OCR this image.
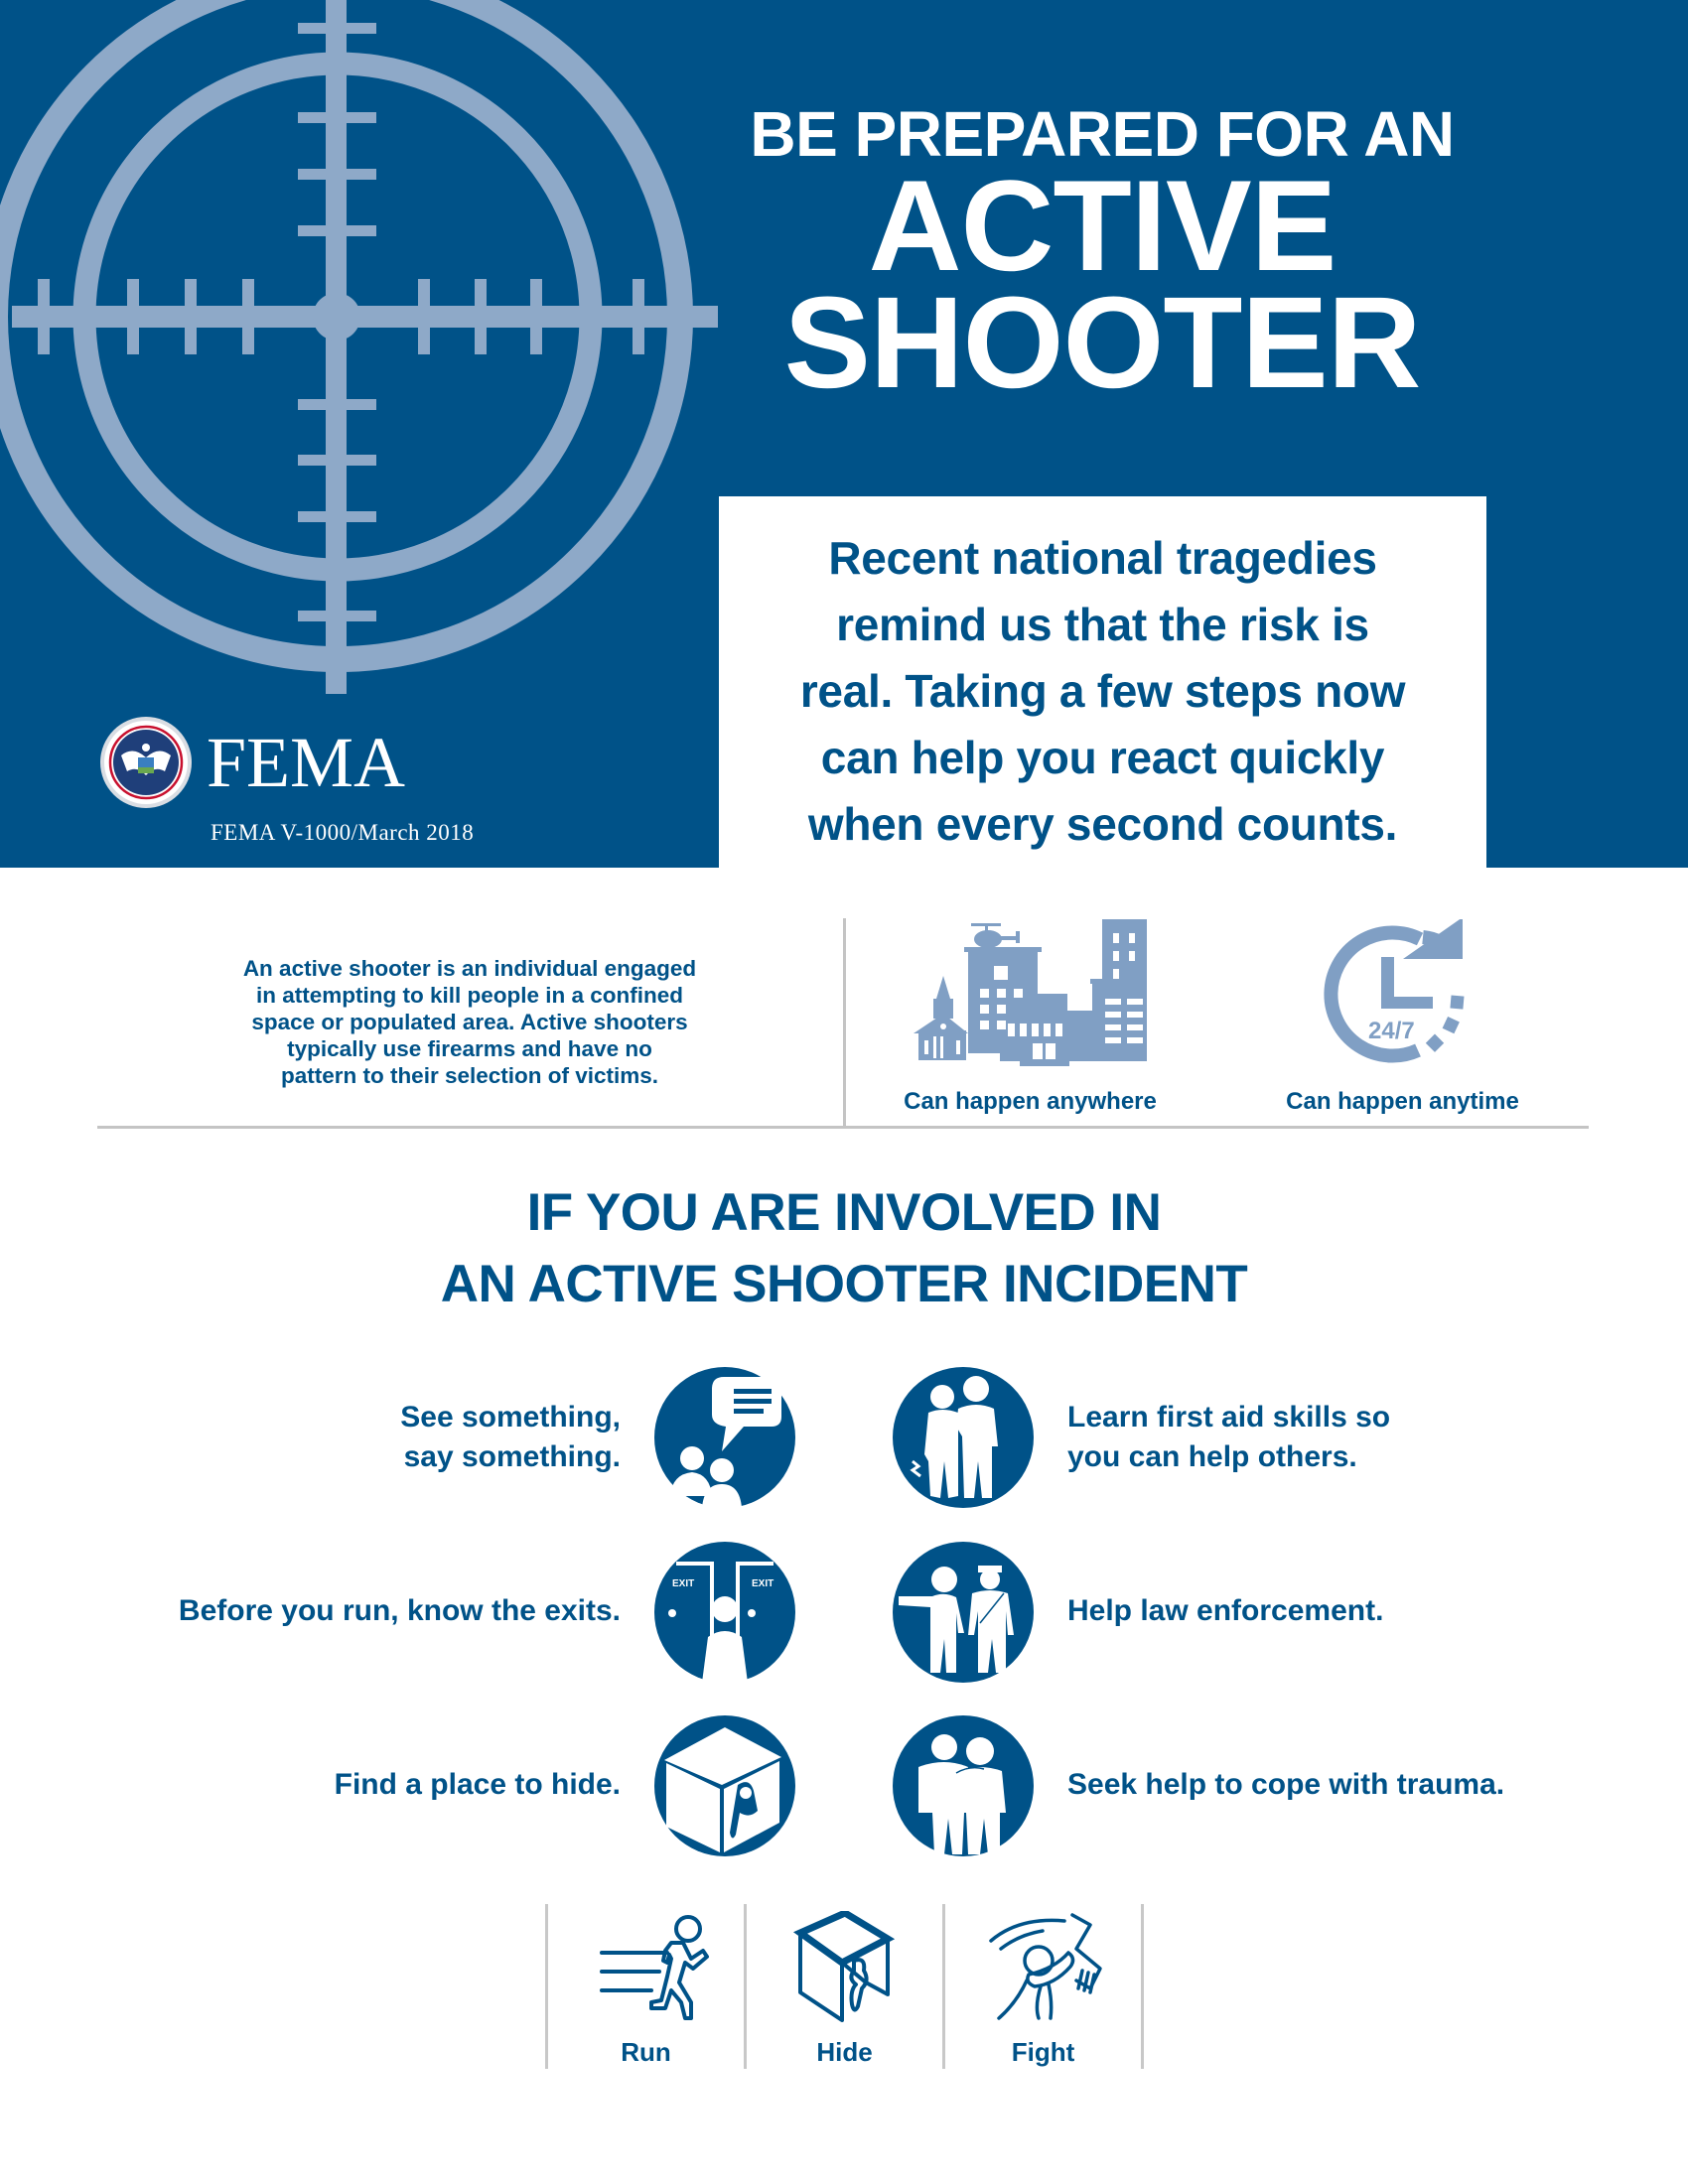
BE PREPARED FOR AN
ACTIVE
SHOOTER
Recent national tragedies
remind us that the risk is
real. Taking a few steps now
can help you react quickly
when every second counts.
FEMA
FEMA V-1000/March 2018
An active shooter is an individual engaged
in attempting to kill people in a confined
space or populated area. Active shooters
typically use firearms and have no
pattern to their selection of victims.
Can happen anywhere
24/7
Can happen anytime
IF YOU ARE INVOLVED IN
AN ACTIVE SHOOTER INCIDENT
See something,
say something.
Learn first aid skills so
you can help others.
Before you run, know the exits.
EXIT	EXIT
Help law enforcement.
Find a place to hide.	Seek help to cope with trauma.
Run	Hide	Fight
